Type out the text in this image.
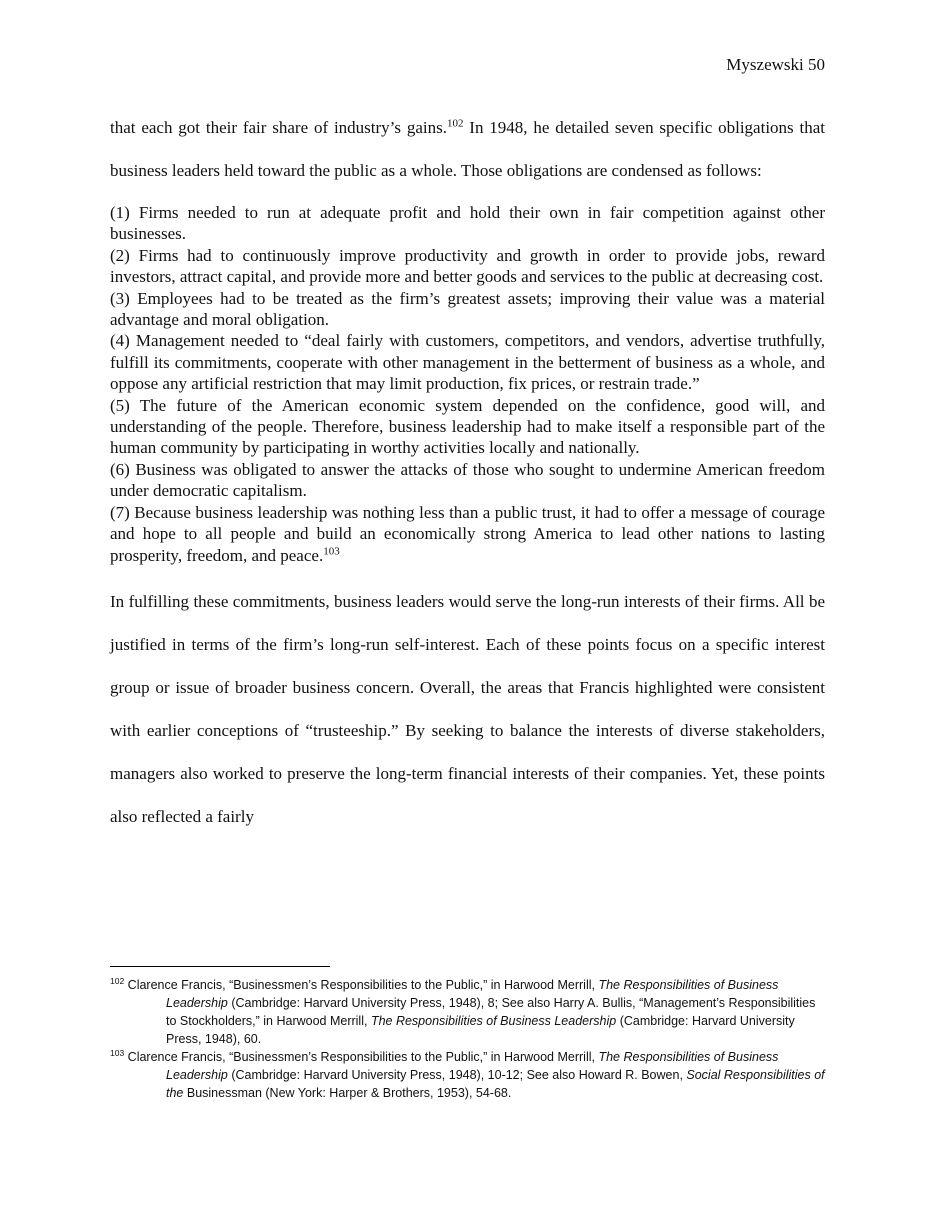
Myszewski 50

that each got their fair share of industry’s gains.$^{102}$ In 1948, he detailed seven specific obligations that business leaders held toward the public as a whole. Those obligations are condensed as follows:

(1) Firms needed to run at adequate profit and hold their own in fair competition against other businesses.

(2) Firms had to continuously improve productivity and growth in order to provide jobs, reward investors, attract capital, and provide more and better goods and services to the public at decreasing cost.

(3) Employees had to be treated as the firm’s greatest assets; improving their value was a material advantage and moral obligation.

(4) Management needed to “deal fairly with customers, competitors, and vendors, advertise truthfully, fulfill its commitments, cooperate with other management in the betterment of business as a whole, and oppose any artificial restriction that may limit production, fix prices, or restrain trade.”

(5) The future of the American economic system depended on the confidence, good will, and understanding of the people. Therefore, business leadership had to make itself a responsible part of the human community by participating in worthy activities locally and nationally.

(6) Business was obligated to answer the attacks of those who sought to undermine American freedom under democratic capitalism.

(7) Because business leadership was nothing less than a public trust, it had to offer a message of courage and hope to all people and build an economically strong America to lead other nations to lasting prosperity, freedom, and peace.$^{103}$

In fulfilling these commitments, business leaders would serve the long-run interests of their firms. All be justified in terms of the firm’s long-run self-interest. Each of these points focus on a specific interest group or issue of broader business concern. Overall, the areas that Francis highlighted were consistent with earlier conceptions of “trusteeship.” By seeking to balance the interests of diverse stakeholders, managers also worked to preserve the long-term financial interests of their companies. Yet, these points also reflected a fairly

$^{102}$ Clarence Francis, “Businessmen’s Responsibilities to the Public,” in Harwood Merrill, The Responsibilities of Business Leadership (Cambridge: Harvard University Press, 1948), 8; See also Harry A. Bullis, “Management’s Responsibilities to Stockholders,” in Harwood Merrill, The Responsibilities of Business Leadership (Cambridge: Harvard University Press, 1948), 60.

$^{103}$ Clarence Francis, “Businessmen’s Responsibilities to the Public,” in Harwood Merrill, The Responsibilities of Business Leadership (Cambridge: Harvard University Press, 1948), 10-12; See also Howard R. Bowen, Social Responsibilities of the Businessman (New York: Harper & Brothers, 1953), 54-68.
